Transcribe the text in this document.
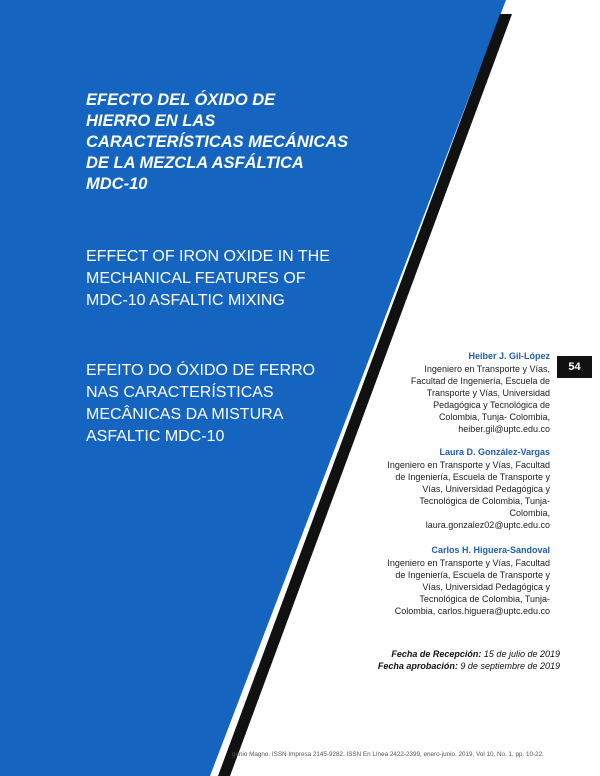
EFECTO DEL ÓXIDO DE
HIERRO EN LAS
CARACTERÍSTICAS MECÁNICAS
DE LA MEZCLA ASFÁLTICA
MDC-10
EFFECT OF IRON OXIDE IN THE
MECHANICAL FEATURES OF
MDC-10 ASFALTIC MIXING
EFEITO DO ÓXIDO DE FERRO
NAS CARACTERÍSTICAS
MECÂNICAS DA MISTURA
ASFALTIC MDC-10
54
Heiber J. Gil-López
Ingeniero en Transporte y Vías,
Facultad de Ingeniería, Escuela de
Transporte y Vías, Universidad
Pedagógica y Tecnológica de
Colombia, Tunja- Colombia,
heiber.gil@uptc.edu.co
Laura D. González-Vargas
Ingeniero en Transporte y Vías, Facultad
de Ingeniería, Escuela de Transporte y
Vías, Universidad Pedagógica y
Tecnológica de Colombia, Tunja-
Colombia,
laura.gonzalez02@uptc.edu.co
Carlos H. Higuera-Sandoval
Ingeniero en Transporte y Vías, Facultad
de Ingeniería, Escuela de Transporte y
Vías, Universidad Pedagógica y
Tecnológica de Colombia, Tunja-
Colombia, carlos.higuera@uptc.edu.co
Fecha de Recepción: 15 de julio de 2019
Fecha aprobación: 9 de septiembre de 2019
genio Magno. ISSN Impresa 2145-9282. ISSN En Línea 2422-2399, enero-junio. 2019, Vol 10, No. 1, pp. 10-22.
